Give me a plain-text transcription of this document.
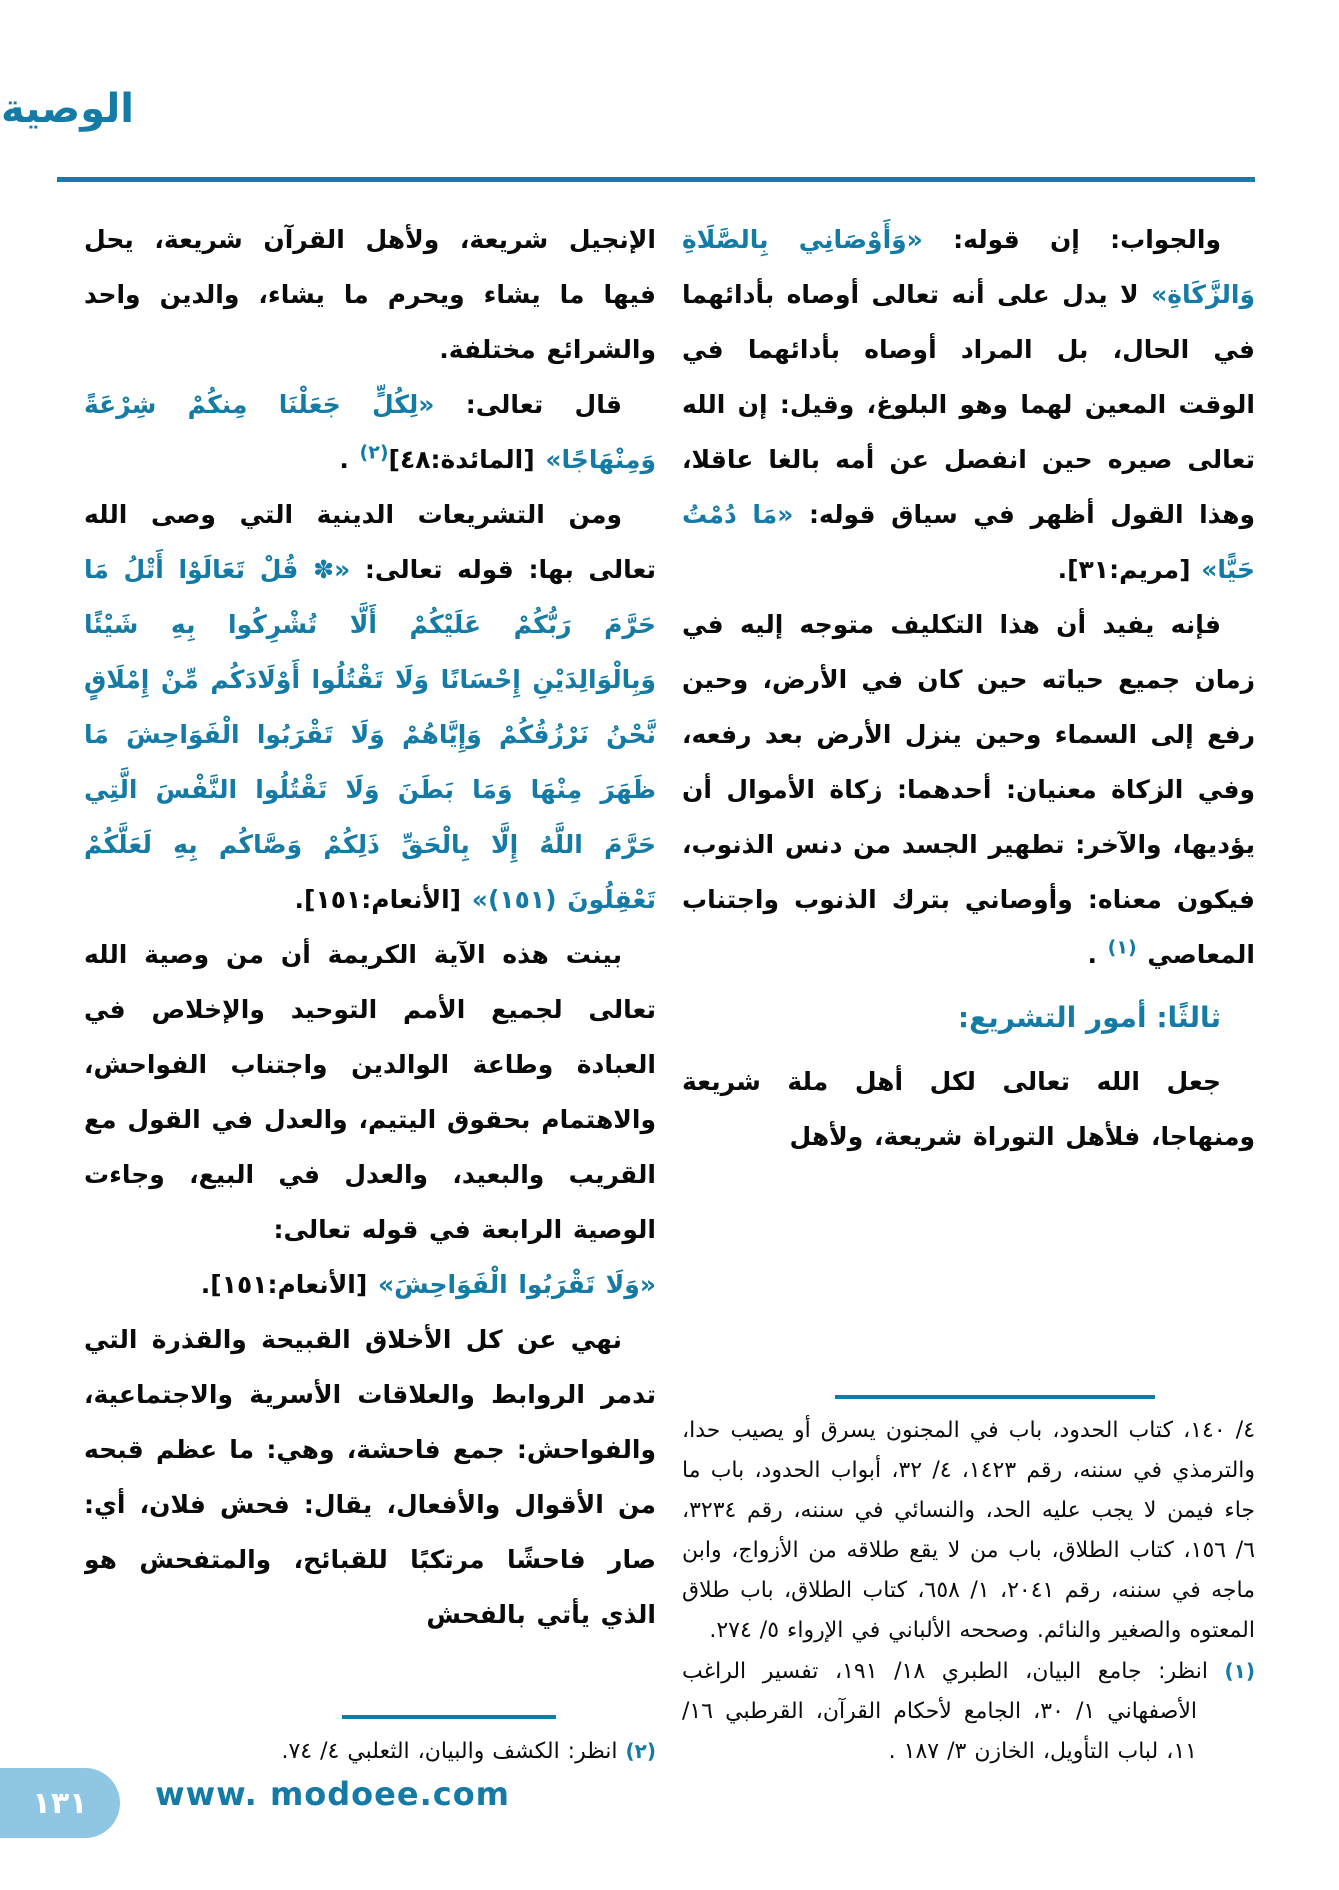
الوصية

والجواب: إن قوله: «وَأَوْصَانِي بِالصَّلَاةِ وَالزَّكَاةِ» لا يدل على أنه تعالى أوصاه بأدائهما في الحال، بل المراد أوصاه بأدائهما في الوقت المعين لهما وهو البلوغ، وقيل: إن الله تعالى صيره حين انفصل عن أمه بالغا عاقلا، وهذا القول أظهر في سياق قوله: «مَا دُمْتُ حَيًّا» [مريم:٣١].

فإنه يفيد أن هذا التكليف متوجه إليه في زمان جميع حياته حين كان في الأرض، وحين رفع إلى السماء وحين ينزل الأرض بعد رفعه، وفي الزكاة معنيان: أحدهما: زكاة الأموال أن يؤديها، والآخر: تطهير الجسد من دنس الذنوب، فيكون معناه: وأوصاني بترك الذنوب واجتناب المعاصي $^{(١)}$ .

ثالثًا: أمور التشريع:

جعل الله تعالى لكل أهل ملة شريعة ومنهاجا، فلأهل التوراة شريعة، ولأهل

٤/ ١٤٠، كتاب الحدود، باب في المجنون يسرق أو يصيب حدا، والترمذي في سننه، رقم ١٤٢٣، ٤/ ٣٢، أبواب الحدود، باب ما جاء فيمن لا يجب عليه الحد، والنسائي في سننه، رقم ٣٢٣٤، ٦/ ١٥٦، كتاب الطلاق، باب من لا يقع طلاقه من الأزواج، وابن ماجه في سننه، رقم ٢٠٤١، ١/ ٦٥٨، كتاب الطلاق، باب طلاق المعتوه والصغير والنائم. وصححه الألباني في الإرواء ٥/ ٢٧٤.

(١) انظر: جامع البيان، الطبري ١٨/ ١٩١، تفسير الراغب الأصفهاني ١/ ٣٠، الجامع لأحكام القرآن، القرطبي ١٦/ ١١، لباب التأويل، الخازن ٣/ ١٨٧ .

الإنجيل شريعة، ولأهل القرآن شريعة، يحل فيها ما يشاء ويحرم ما يشاء، والدين واحد والشرائع مختلفة.

قال تعالى: «لِكُلٍّ جَعَلْنَا مِنكُمْ شِرْعَةً وَمِنْهَاجًا» [المائدة:٤٨]$^{(٢)}$ .

ومن التشريعات الدينية التي وصى الله تعالى بها: قوله تعالى: «✽ قُلْ تَعَالَوْا أَتْلُ مَا حَرَّمَ رَبُّكُمْ عَلَيْكُمْ أَلَّا تُشْرِكُوا بِهِ شَيْئًا وَبِالْوَالِدَيْنِ إِحْسَانًا وَلَا تَقْتُلُوا أَوْلَادَكُم مِّنْ إِمْلَاقٍ نَّحْنُ نَرْزُقُكُمْ وَإِيَّاهُمْ وَلَا تَقْرَبُوا الْفَوَاحِشَ مَا ظَهَرَ مِنْهَا وَمَا بَطَنَ وَلَا تَقْتُلُوا النَّفْسَ الَّتِي حَرَّمَ اللَّهُ إِلَّا بِالْحَقِّ ذَلِكُمْ وَصَّاكُم بِهِ لَعَلَّكُمْ تَعْقِلُونَ (١٥١)» [الأنعام:١٥١].

بينت هذه الآية الكريمة أن من وصية الله تعالى لجميع الأمم التوحيد والإخلاص في العبادة وطاعة الوالدين واجتناب الفواحش، والاهتمام بحقوق اليتيم، والعدل في القول مع القريب والبعيد، والعدل في البيع، وجاءت الوصية الرابعة في قوله تعالى:

«وَلَا تَقْرَبُوا الْفَوَاحِشَ» [الأنعام:١٥١].

نهي عن كل الأخلاق القبيحة والقذرة التي تدمر الروابط والعلاقات الأسرية والاجتماعية، والفواحش: جمع فاحشة، وهي: ما عظم قبحه من الأقوال والأفعال، يقال: فحش فلان، أي: صار فاحشًا مرتكبًا للقبائح، والمتفحش هو الذي يأتي بالفحش

(٢) انظر: الكشف والبيان، الثعلبي ٤/ ٧٤.

١٣١ www. modoee.com
